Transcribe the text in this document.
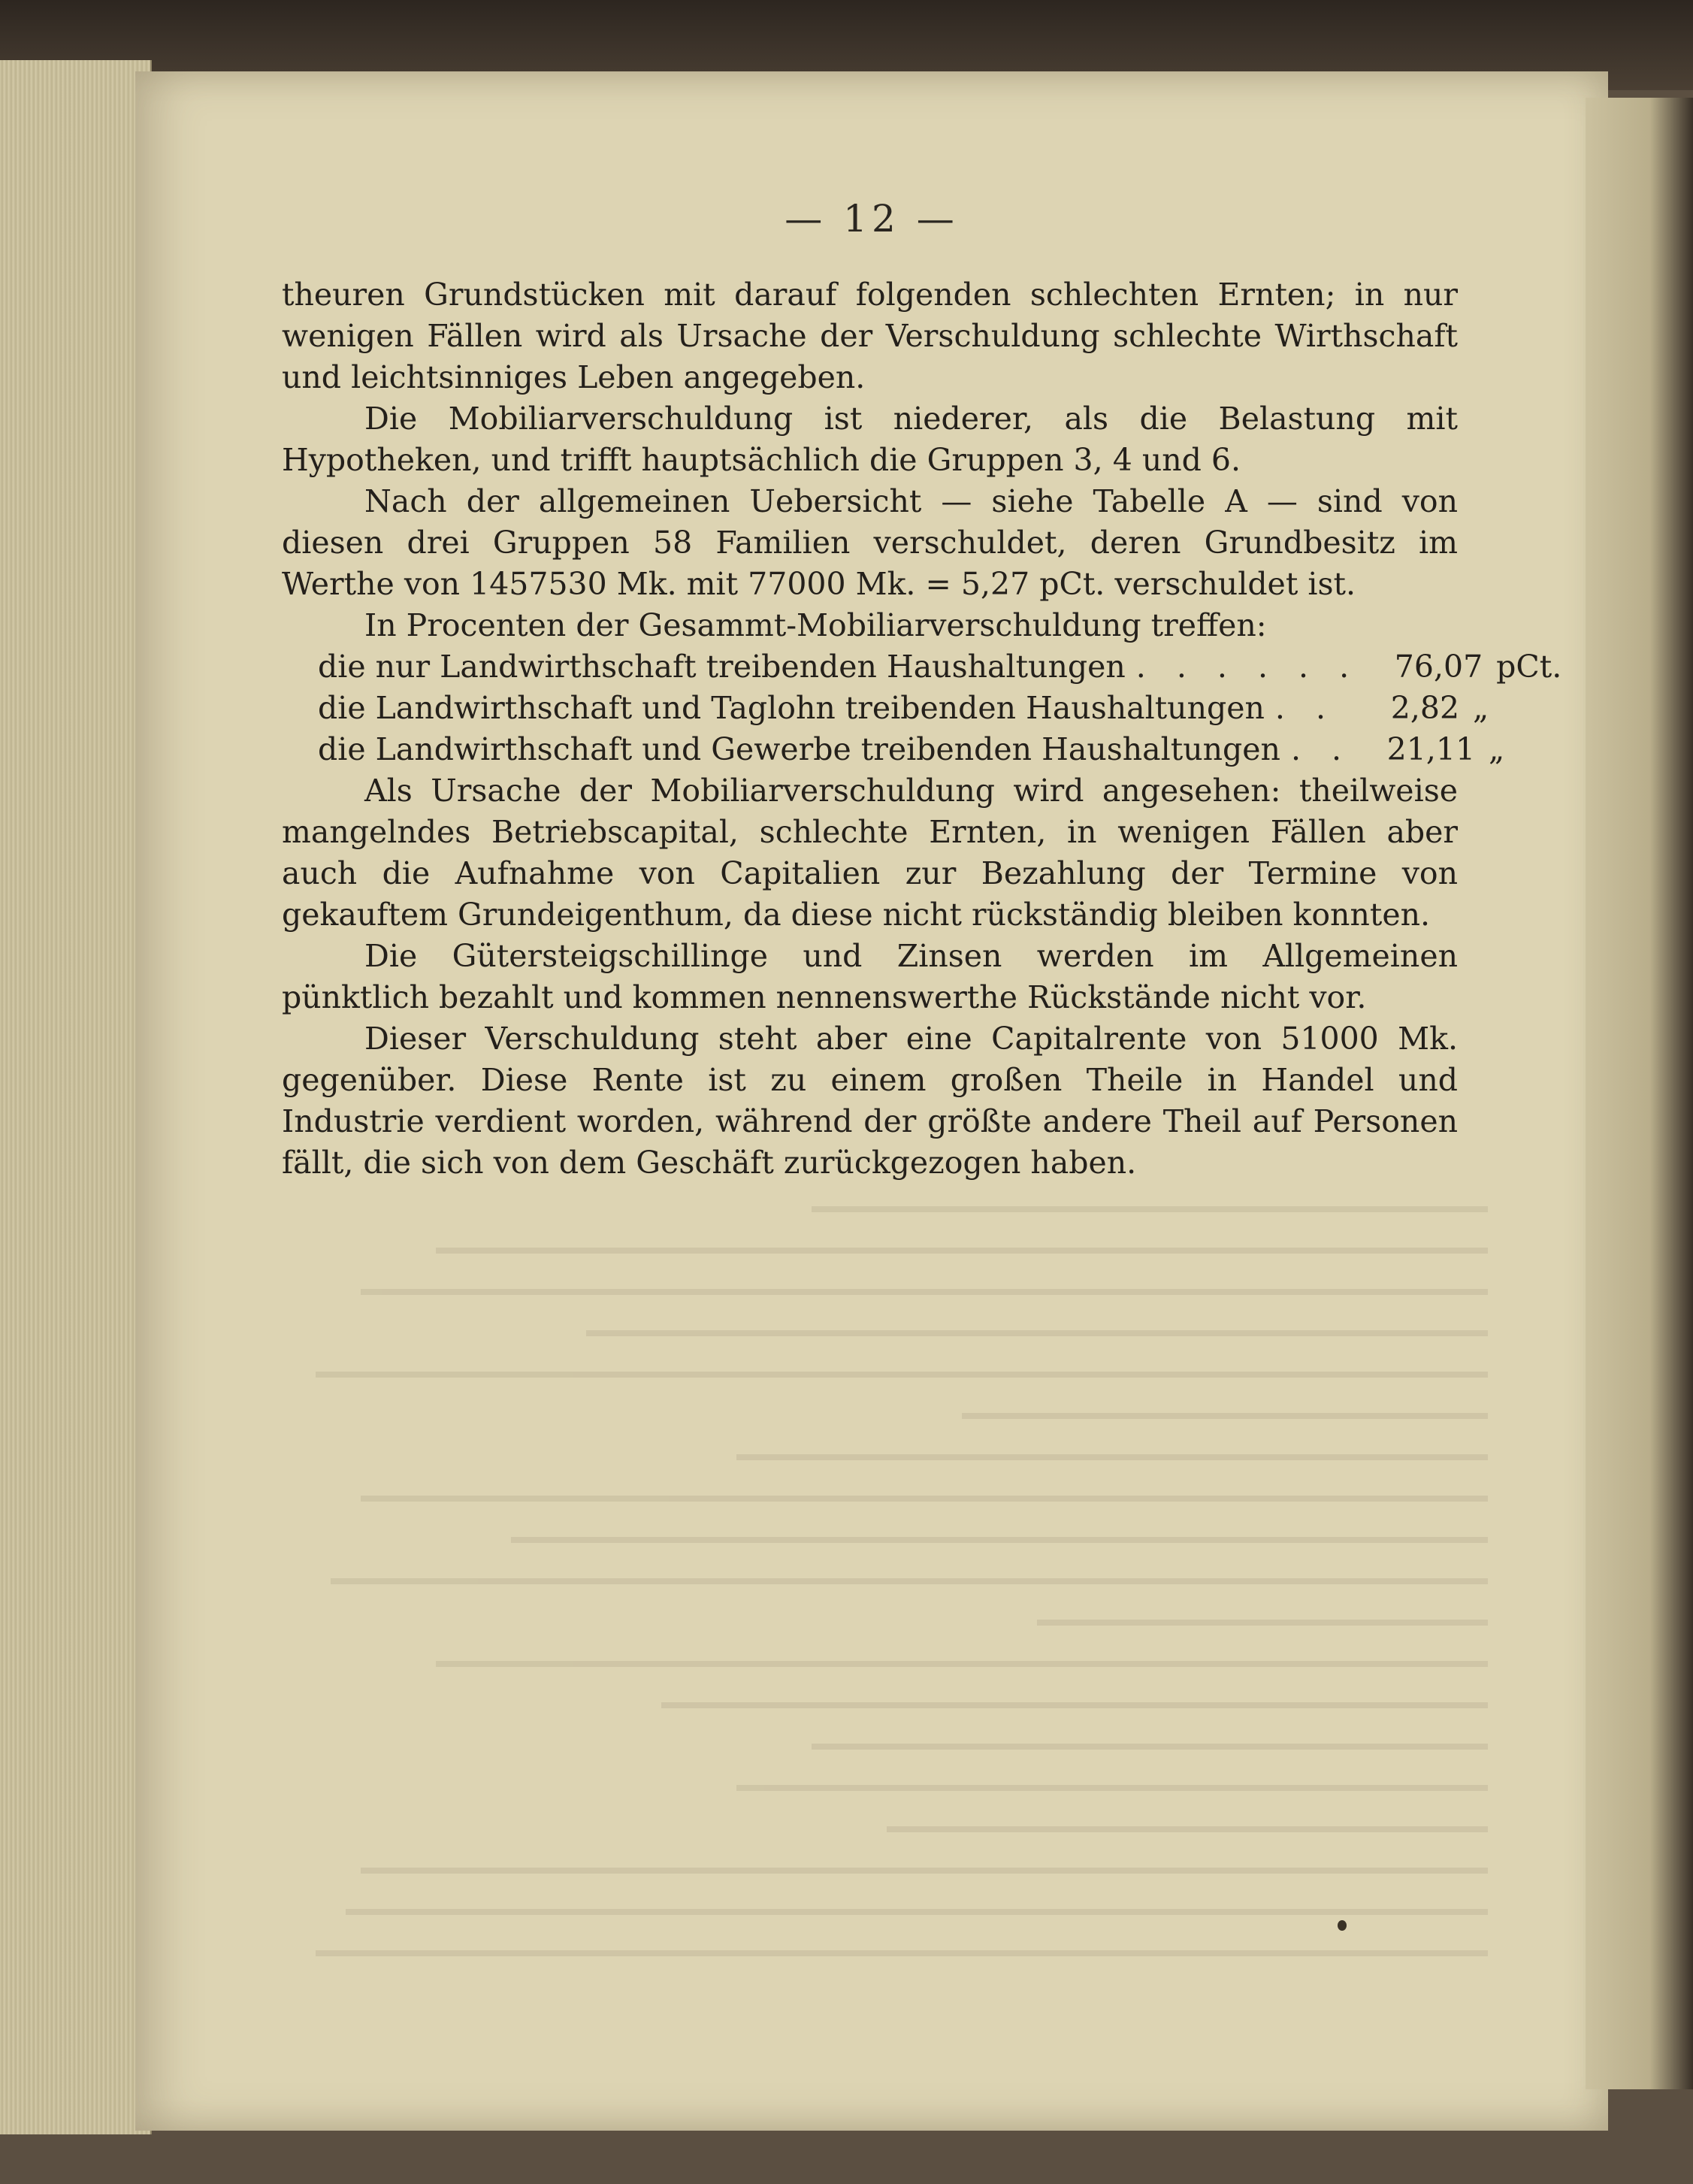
— 12 —

theuren Grundstücken mit darauf folgenden schlechten Ernten; in nur wenigen Fällen wird als Ursache der Verschuldung schlechte Wirthschaft und leichtsinniges Leben angegeben.

Die Mobiliarverschuldung ist niederer, als die Belastung mit Hypotheken, und trifft hauptsächlich die Gruppen 3, 4 und 6.

Nach der allgemeinen Uebersicht — siehe Tabelle A — sind von diesen drei Gruppen 58 Familien verschuldet, deren Grundbesitz im Werthe von 1457530 Mk. mit 77000 Mk. = 5,27 pCt. verschuldet ist.

In Procenten der Gesammt-Mobiliarverschuldung treffen:

die nur Landwirthschaft treibenden Haushaltungen . . . . . .	76,07 pCt.
die Landwirthschaft und Taglohn treibenden Haushaltungen . .	2,82 „
die Landwirthschaft und Gewerbe treibenden Haushaltungen . .	21,11 „

Als Ursache der Mobiliarverschuldung wird angesehen: theilweise mangelndes Betriebscapital, schlechte Ernten, in wenigen Fällen aber auch die Aufnahme von Capitalien zur Bezahlung der Termine von gekauftem Grundeigenthum, da diese nicht rückständig bleiben konnten.

Die Gütersteigschillinge und Zinsen werden im Allgemeinen pünktlich bezahlt und kommen nennenswerthe Rückstände nicht vor.

Dieser Verschuldung steht aber eine Capitalrente von 51000 Mk. gegenüber. Diese Rente ist zu einem großen Theile in Handel und Industrie verdient worden, während der größte andere Theil auf Personen fällt, die sich von dem Geschäft zurückgezogen haben.
